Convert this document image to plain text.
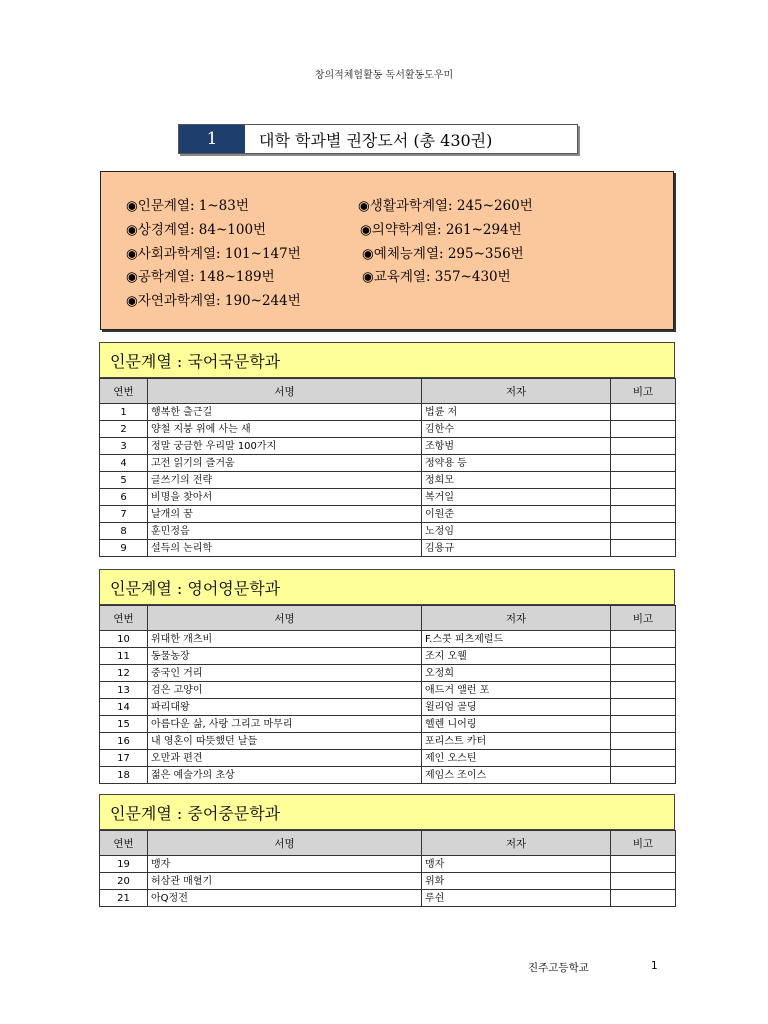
창의적체험활동 독서활동도우미
1	대학 학과별 권장도서 (총 430권)
◉인문계열: 1~83번	◉생활과학계열: 245~260번
◉상경계열: 84~100번	◉의약학계열: 261~294번
◉사회과학계열: 101~147번	◉예체능계열: 295~356번
◉공학계열: 148~189번	◉교육계열: 357~430번
◉자연과학계열: 190~244번
인문계열 : 국어국문학과
연번	서명	저자	비고
1	행복한 출근길	법륜 저	
2	양철 지붕 위에 사는 새	김한수	
3	정말 궁금한 우리말 100가지	조항범	
4	고전 읽기의 즐거움	정약용 등	
5	글쓰기의 전략	정희모	
6	비명을 찾아서	복거일	
7	날개의 꿈	이원준	
8	훈민정음	노정임	
9	설득의 논리학	김용규	
인문계열 : 영어영문학과
연번	서명	저자	비고
10	위대한 개츠비	F.스콧 피츠제럴드	
11	동물농장	조지 오웰	
12	중국인 거리	오정희	
13	검은 고양이	애드거 앨런 포	
14	파리대왕	윌리엄 골딩	
15	아름다운 삶, 사랑 그리고 마무리	헬렌 니어링	
16	내 영혼이 따뜻했던 날들	포리스트 카터	
17	오만과 편견	제인 오스틴	
18	젊은 예술가의 초상	제임스 조이스	
인문계열 : 중어중문학과
연번	서명	저자	비고
19	맹자	맹자	
20	허삼관 매혈기	위화	
21	아Q정전	루쉰	
진주고등학교	1
